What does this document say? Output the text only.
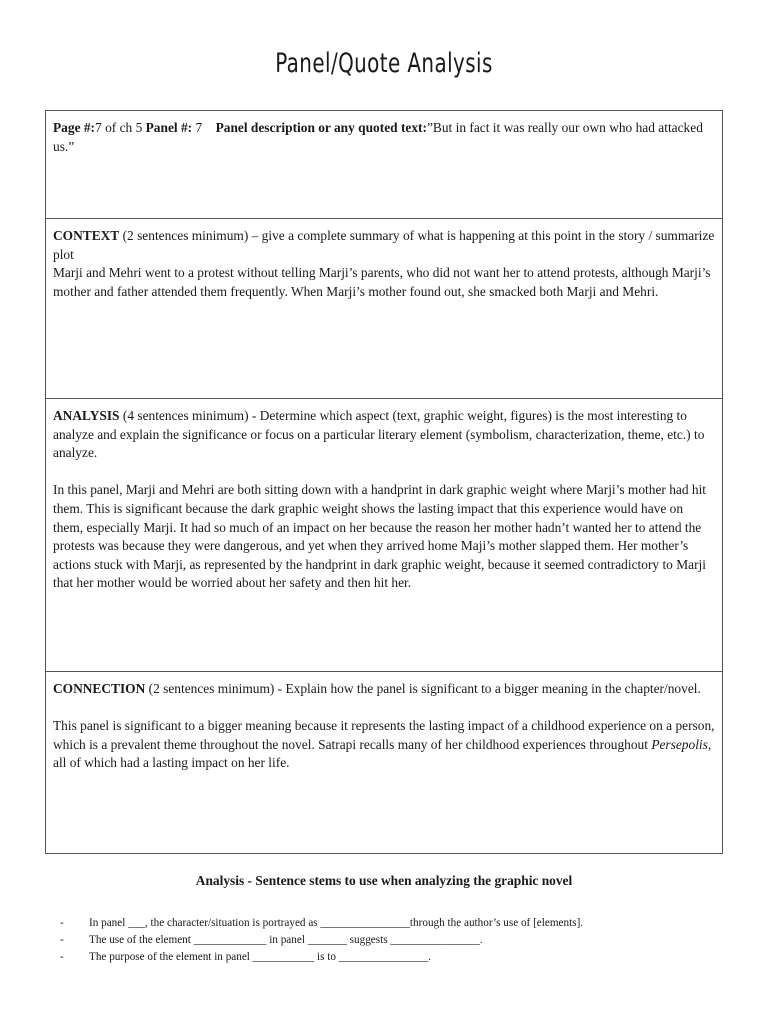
Panel/Quote Analysis

Page #:7 of ch 5 Panel #: 7 Panel description or any quoted text:”But in fact it was really our own who had attacked us.”

CONTEXT (2 sentences minimum) – give a complete summary of what is happening at this point in the story / summarize plot

Marji and Mehri went to a protest without telling Marji’s parents, who did not want her to attend protests, although Marji’s mother and father attended them frequently. When Marji’s mother found out, she smacked both Marji and Mehri.

ANALYSIS (4 sentences minimum) - Determine which aspect (text, graphic weight, figures) is the most interesting to analyze and explain the significance or focus on a particular literary element (symbolism, characterization, theme, etc.) to analyze.

In this panel, Marji and Mehri are both sitting down with a handprint in dark graphic weight where Marji’s mother had hit them. This is significant because the dark graphic weight shows the lasting impact that this experience would have on them, especially Marji. It had so much of an impact on her because the reason her mother hadn’t wanted her to attend the protests was because they were dangerous, and yet when they arrived home Maji’s mother slapped them. Her mother’s actions stuck with Marji, as represented by the handprint in dark graphic weight, because it seemed contradictory to Marji that her mother would be worried about her safety and then hit her.

CONNECTION (2 sentences minimum) - Explain how the panel is significant to a bigger meaning in the chapter/novel.

This panel is significant to a bigger meaning because it represents the lasting impact of a childhood experience on a person, which is a prevalent theme throughout the novel. Satrapi recalls many of her childhood experiences throughout Persepolis, all of which had a lasting impact on her life.

Analysis - Sentence stems to use when analyzing the graphic novel
-	In panel ___, the character/situation is portrayed as ________________through the author’s use of [elements].
-	The use of the element _____________ in panel _______ suggests ________________.
-	The purpose of the element in panel ___________ is to ________________.
